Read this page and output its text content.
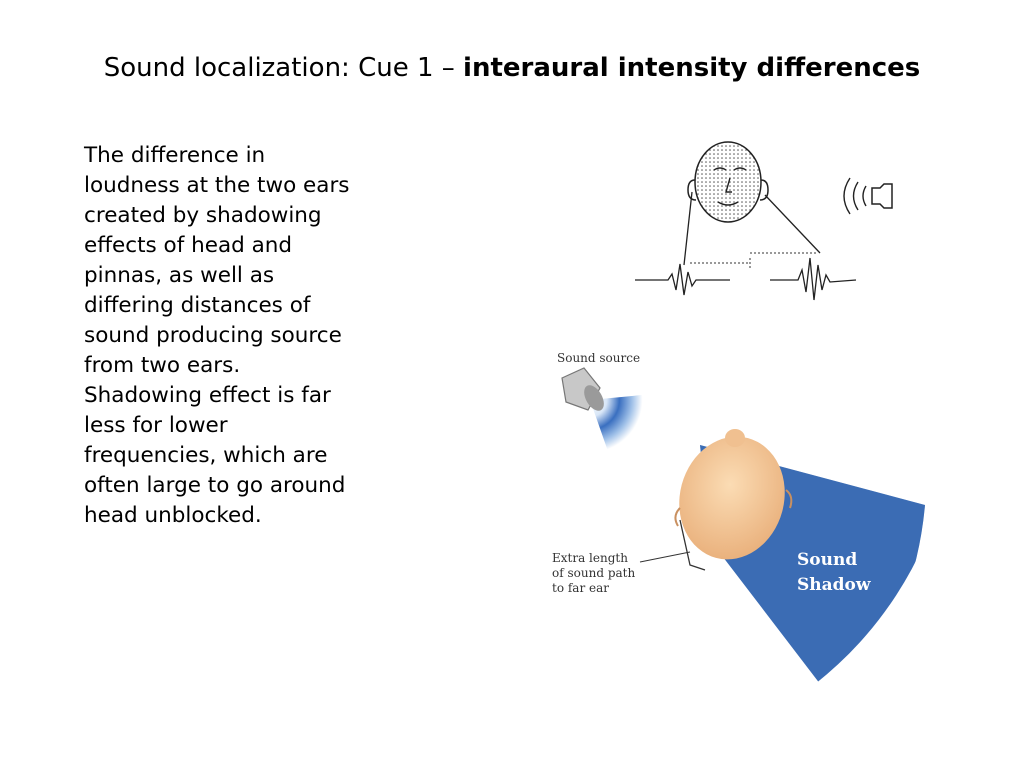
Sound localization: Cue 1 – interaural intensity differences
The difference in
loudness at the two ears
created by shadowing
effects of head and
pinnas, as well as
differing distances of
sound producing source
from two ears.
Shadowing effect is far
less for lower
frequencies, which are
often large to go around
head unblocked.
Sound source
Extra length
of sound path
to far ear
Sound
Shadow
